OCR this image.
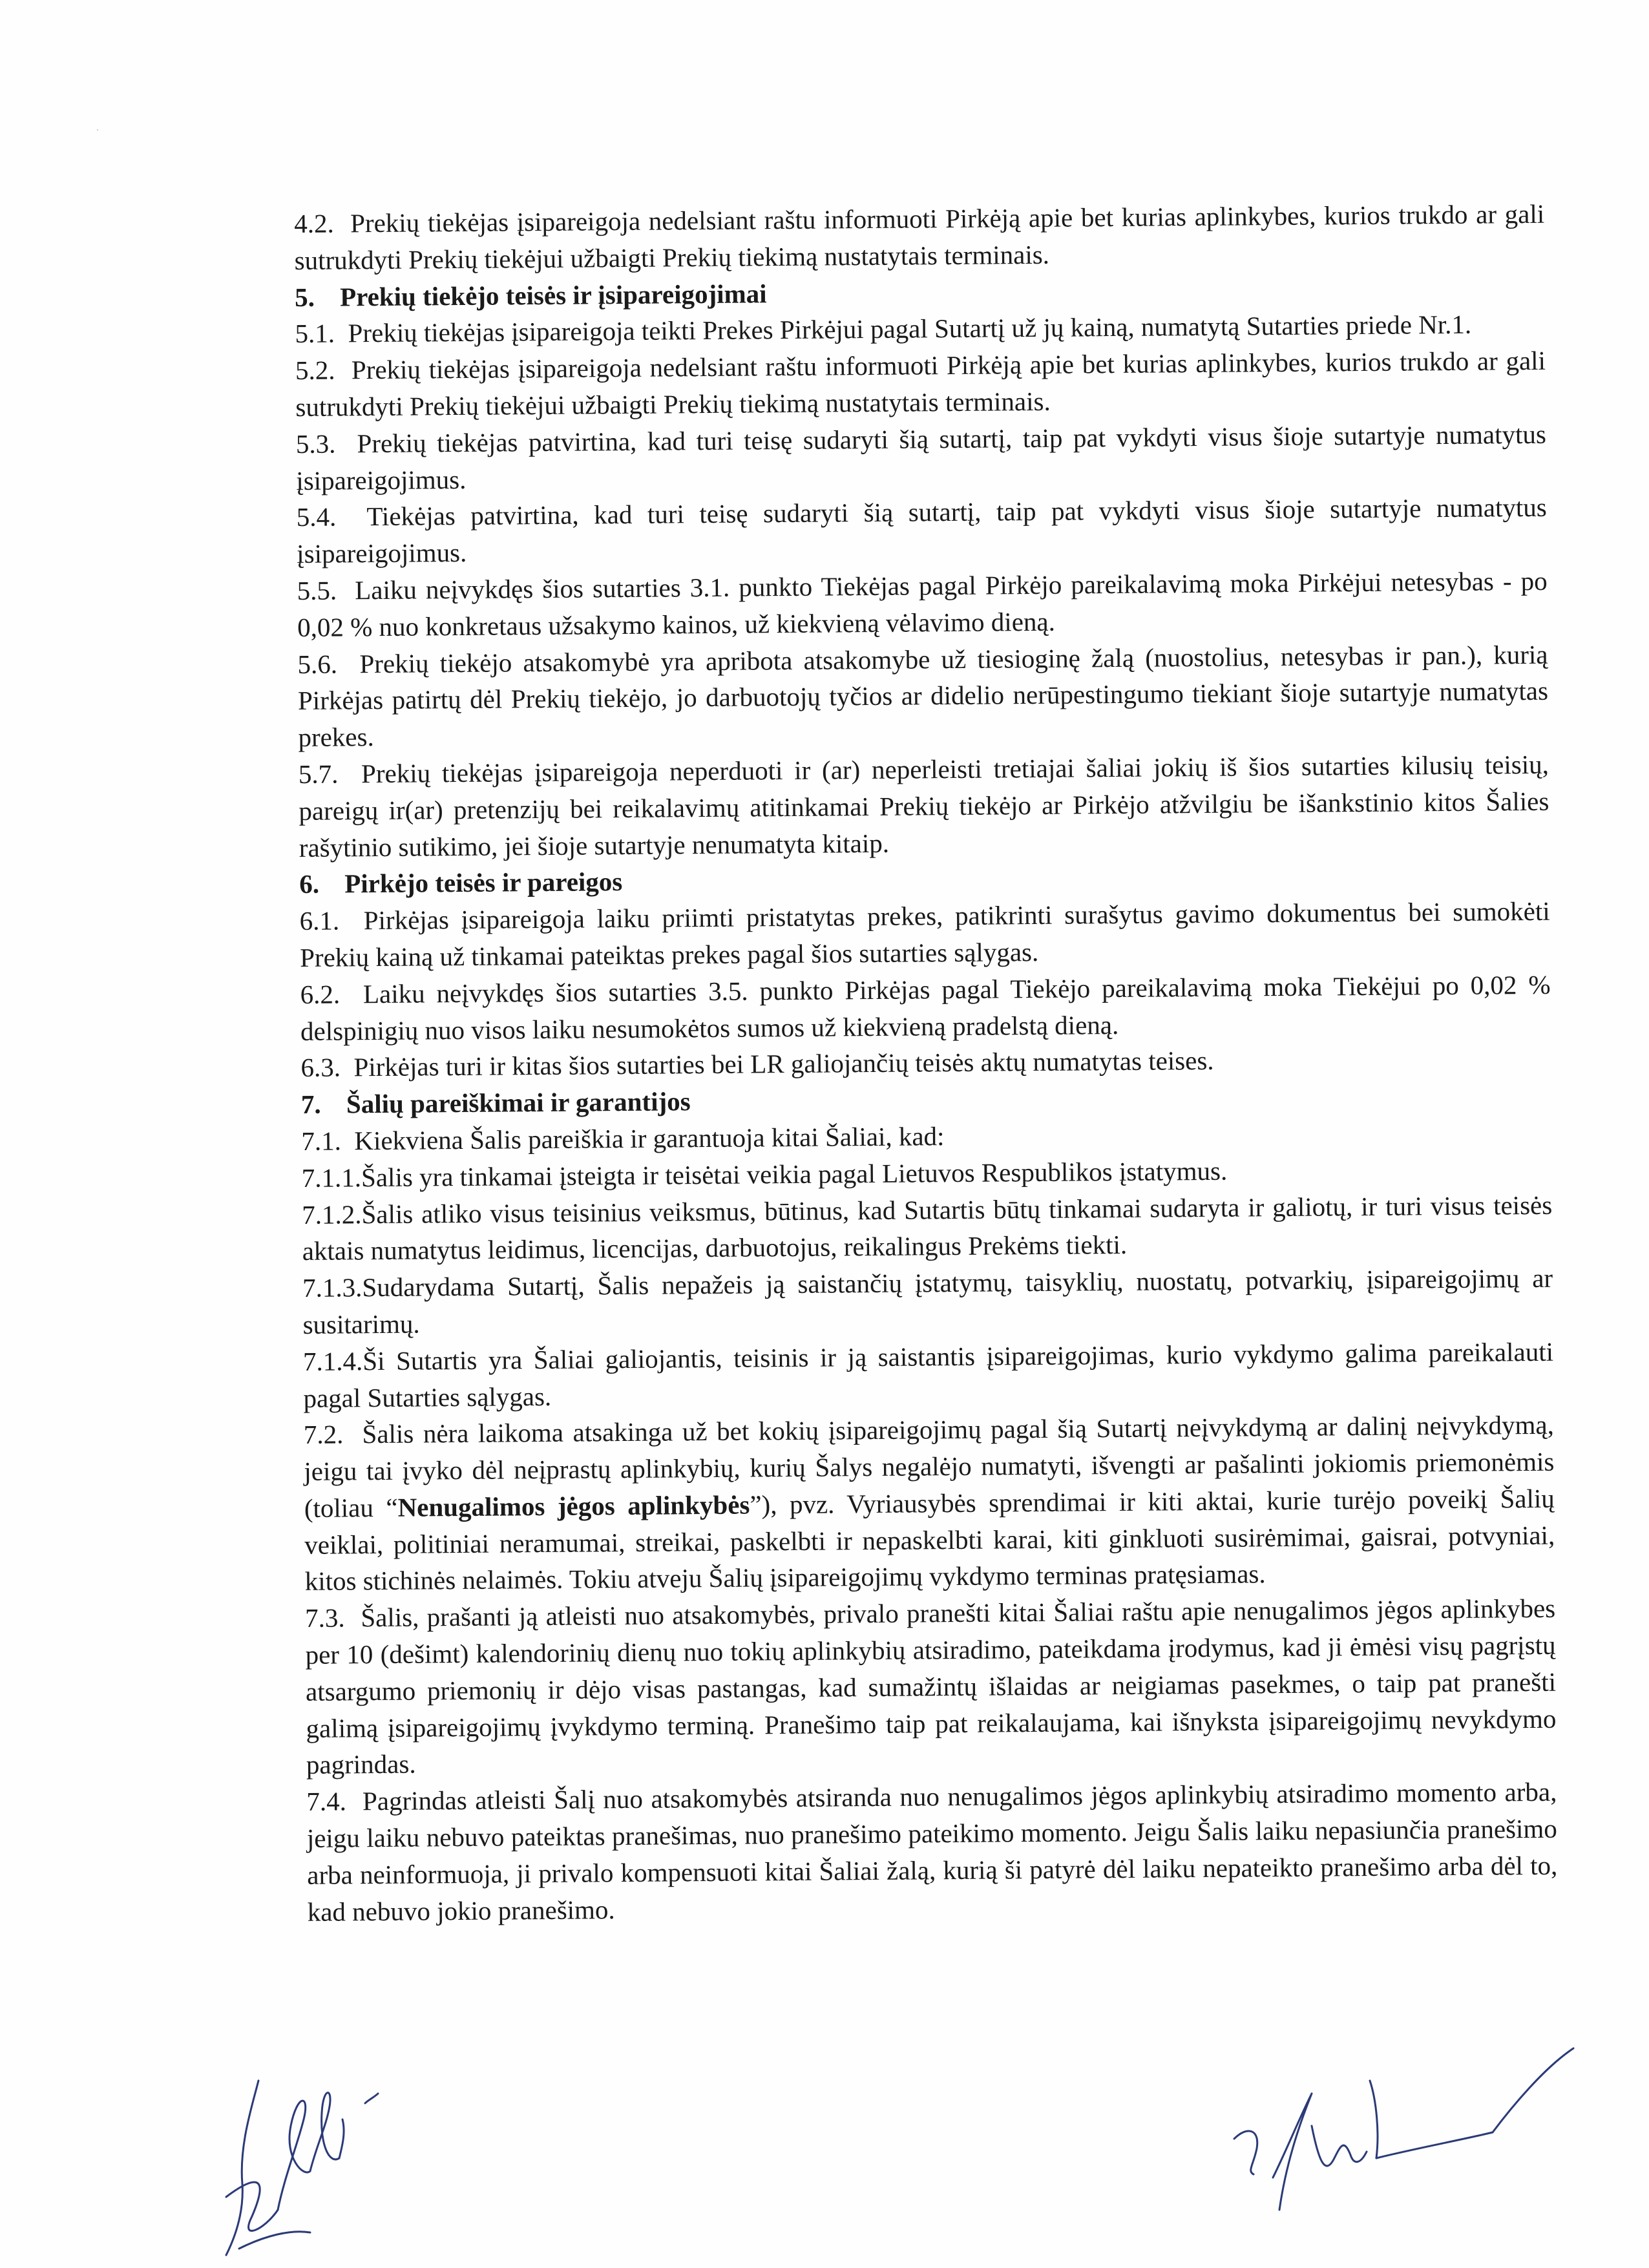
4.2. Prekių tiekėjas įsipareigoja nedelsiant raštu informuoti Pirkėją apie bet kurias aplinkybes, kurios trukdo ar gali sutrukdyti Prekių tiekėjui užbaigti Prekių tiekimą nustatytais terminais.

5. Prekių tiekėjo teisės ir įsipareigojimai

5.1. Prekių tiekėjas įsipareigoja teikti Prekes Pirkėjui pagal Sutartį už jų kainą, numatytą Sutarties priede Nr.1.

5.2. Prekių tiekėjas įsipareigoja nedelsiant raštu informuoti Pirkėją apie bet kurias aplinkybes, kurios trukdo ar gali sutrukdyti Prekių tiekėjui užbaigti Prekių tiekimą nustatytais terminais.

5.3. Prekių tiekėjas patvirtina, kad turi teisę sudaryti šią sutartį, taip pat vykdyti visus šioje sutartyje numatytus įsipareigojimus.

5.4. Tiekėjas patvirtina, kad turi teisę sudaryti šią sutartį, taip pat vykdyti visus šioje sutartyje numatytus įsipareigojimus.

5.5. Laiku neįvykdęs šios sutarties 3.1. punkto Tiekėjas pagal Pirkėjo pareikalavimą moka Pirkėjui netesybas - po 0,02 % nuo konkretaus užsakymo kainos, už kiekvieną vėlavimo dieną.

5.6. Prekių tiekėjo atsakomybė yra apribota atsakomybe už tiesioginę žalą (nuostolius, netesybas ir pan.), kurią Pirkėjas patirtų dėl Prekių tiekėjo, jo darbuotojų tyčios ar didelio nerūpestingumo tiekiant šioje sutartyje numatytas prekes.

5.7. Prekių tiekėjas įsipareigoja neperduoti ir (ar) neperleisti tretiajai šaliai jokių iš šios sutarties kilusių teisių, pareigų ir(ar) pretenzijų bei reikalavimų atitinkamai Prekių tiekėjo ar Pirkėjo atžvilgiu be išankstinio kitos Šalies rašytinio sutikimo, jei šioje sutartyje nenumatyta kitaip.

6. Pirkėjo teisės ir pareigos

6.1. Pirkėjas įsipareigoja laiku priimti pristatytas prekes, patikrinti surašytus gavimo dokumentus bei sumokėti Prekių kainą už tinkamai pateiktas prekes pagal šios sutarties sąlygas.

6.2. Laiku neįvykdęs šios sutarties 3.5. punkto Pirkėjas pagal Tiekėjo pareikalavimą moka Tiekėjui po 0,02 % delspinigių nuo visos laiku nesumokėtos sumos už kiekvieną pradelstą dieną.

6.3. Pirkėjas turi ir kitas šios sutarties bei LR galiojančių teisės aktų numatytas teises.

7. Šalių pareiškimai ir garantijos

7.1. Kiekviena Šalis pareiškia ir garantuoja kitai Šaliai, kad:

7.1.1.Šalis yra tinkamai įsteigta ir teisėtai veikia pagal Lietuvos Respublikos įstatymus.

7.1.2.Šalis atliko visus teisinius veiksmus, būtinus, kad Sutartis būtų tinkamai sudaryta ir galiotų, ir turi visus teisės aktais numatytus leidimus, licencijas, darbuotojus, reikalingus Prekėms tiekti.

7.1.3.Sudarydama Sutartį, Šalis nepažeis ją saistančių įstatymų, taisyklių, nuostatų, potvarkių, įsipareigojimų ar susitarimų.

7.1.4.Ši Sutartis yra Šaliai galiojantis, teisinis ir ją saistantis įsipareigojimas, kurio vykdymo galima pareikalauti pagal Sutarties sąlygas.

7.2. Šalis nėra laikoma atsakinga už bet kokių įsipareigojimų pagal šią Sutartį neįvykdymą ar dalinį neįvykdymą, jeigu tai įvyko dėl neįprastų aplinkybių, kurių Šalys negalėjo numatyti, išvengti ar pašalinti jokiomis priemonėmis (toliau “Nenugalimos jėgos aplinkybės”), pvz. Vyriausybės sprendimai ir kiti aktai, kurie turėjo poveikį Šalių veiklai, politiniai neramumai, streikai, paskelbti ir nepaskelbti karai, kiti ginkluoti susirėmimai, gaisrai, potvyniai, kitos stichinės nelaimės. Tokiu atveju Šalių įsipareigojimų vykdymo terminas pratęsiamas.

7.3. Šalis, prašanti ją atleisti nuo atsakomybės, privalo pranešti kitai Šaliai raštu apie nenugalimos jėgos aplinkybes per 10 (dešimt) kalendorinių dienų nuo tokių aplinkybių atsiradimo, pateikdama įrodymus, kad ji ėmėsi visų pagrįstų atsargumo priemonių ir dėjo visas pastangas, kad sumažintų išlaidas ar neigiamas pasekmes, o taip pat pranešti galimą įsipareigojimų įvykdymo terminą. Pranešimo taip pat reikalaujama, kai išnyksta įsipareigojimų nevykdymo pagrindas.

7.4. Pagrindas atleisti Šalį nuo atsakomybės atsiranda nuo nenugalimos jėgos aplinkybių atsiradimo momento arba, jeigu laiku nebuvo pateiktas pranešimas, nuo pranešimo pateikimo momento. Jeigu Šalis laiku nepasiunčia pranešimo arba neinformuoja, ji privalo kompensuoti kitai Šaliai žalą, kurią ši patyrė dėl laiku nepateikto pranešimo arba dėl to, kad nebuvo jokio pranešimo.
